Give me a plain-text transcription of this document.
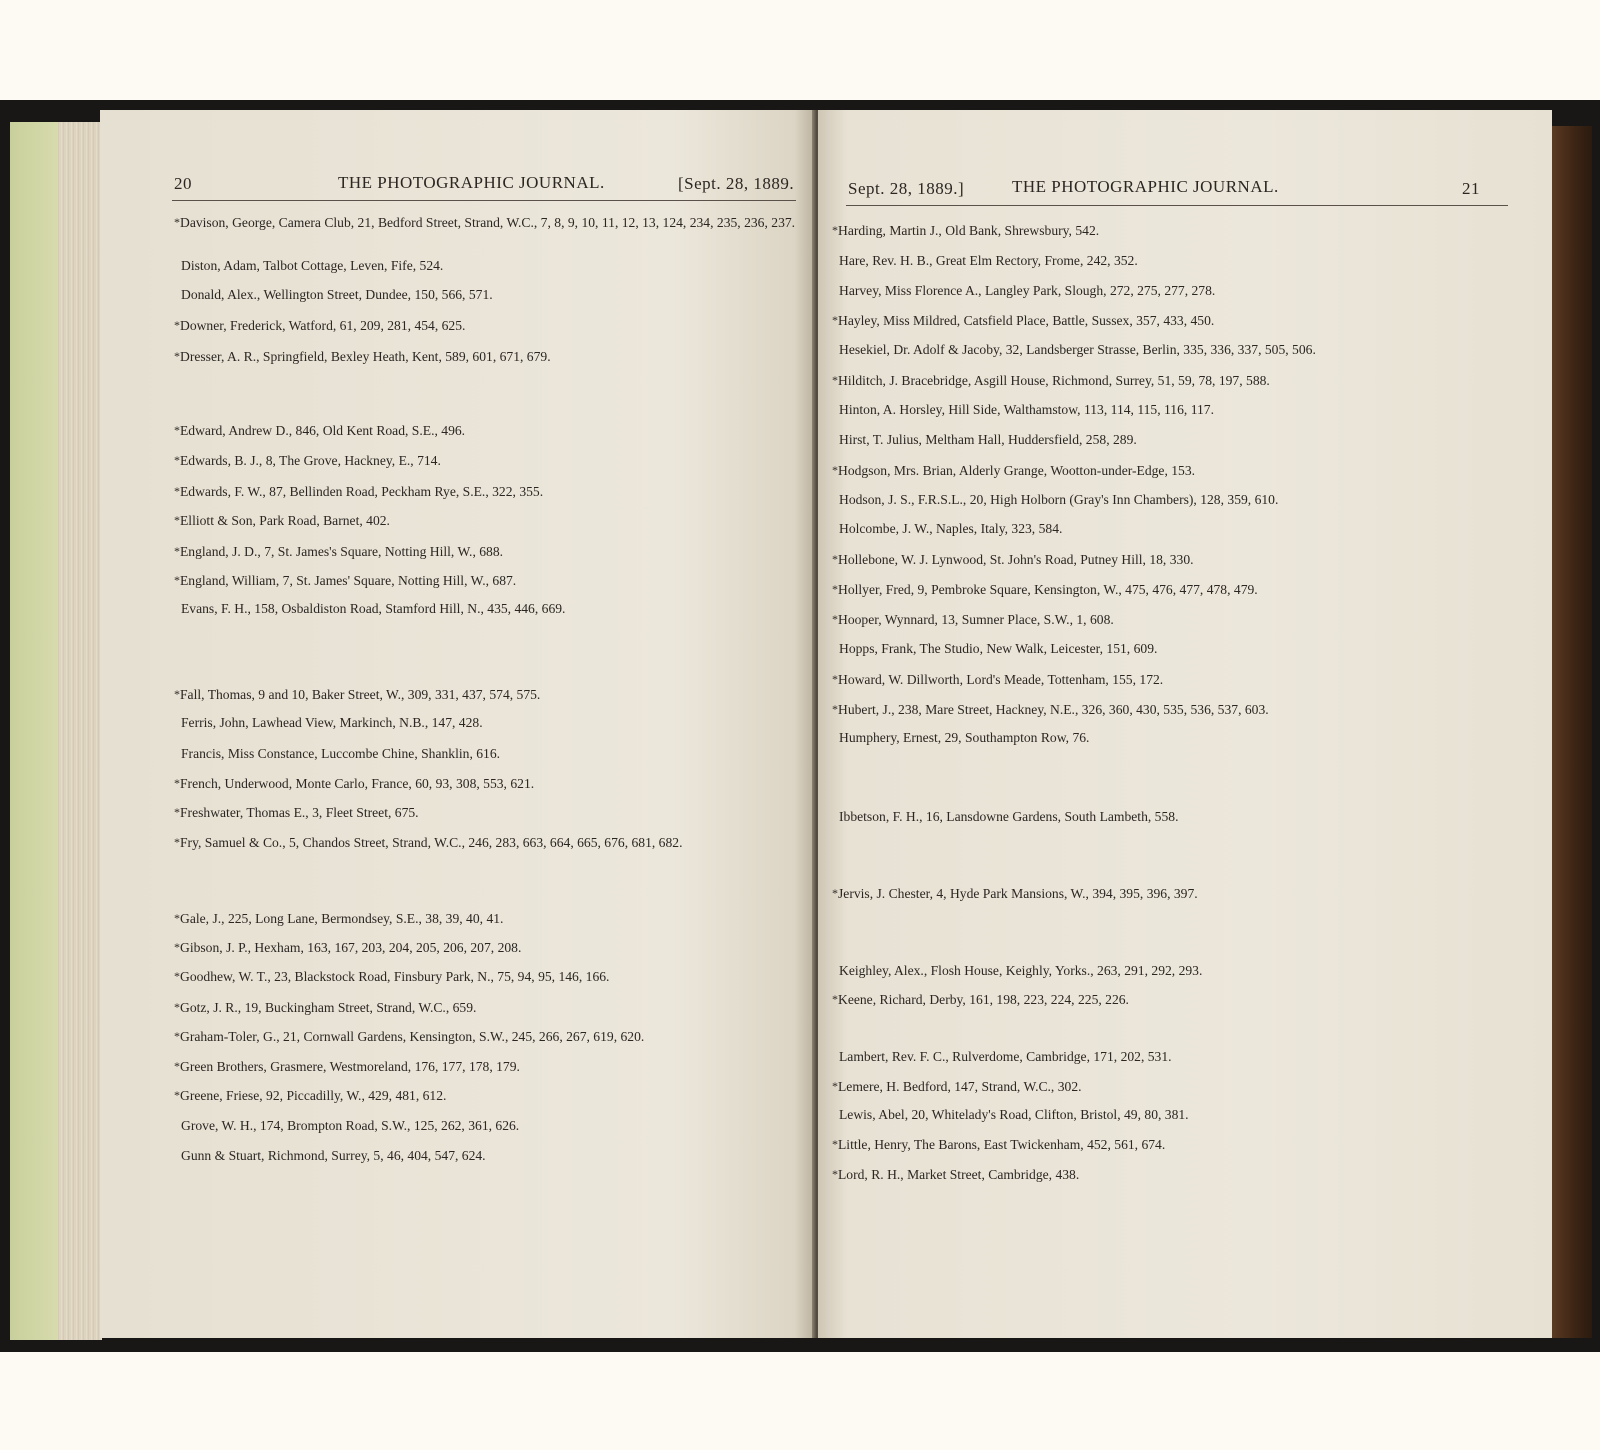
20	THE PHOTOGRAPHIC JOURNAL.	[Sept. 28, 1889.
*Davison, George, Camera Club, 21, Bedford Street, Strand, W.C., 7, 8, 9, 10, 11, 12, 13, 124, 234, 235, 236, 237.
Diston, Adam, Talbot Cottage, Leven, Fife, 524.
Donald, Alex., Wellington Street, Dundee, 150, 566, 571.
*Downer, Frederick, Watford, 61, 209, 281, 454, 625.
*Dresser, A. R., Springfield, Bexley Heath, Kent, 589, 601, 671, 679.
*Edward, Andrew D., 846, Old Kent Road, S.E., 496.
*Edwards, B. J., 8, The Grove, Hackney, E., 714.
*Edwards, F. W., 87, Bellinden Road, Peckham Rye, S.E., 322, 355.
*Elliott & Son, Park Road, Barnet, 402.
*England, J. D., 7, St. James's Square, Notting Hill, W., 688.
*England, William, 7, St. James' Square, Notting Hill, W., 687.
Evans, F. H., 158, Osbaldiston Road, Stamford Hill, N., 435, 446, 669.
*Fall, Thomas, 9 and 10, Baker Street, W., 309, 331, 437, 574, 575.
Ferris, John, Lawhead View, Markinch, N.B., 147, 428.
Francis, Miss Constance, Luccombe Chine, Shanklin, 616.
*French, Underwood, Monte Carlo, France, 60, 93, 308, 553, 621.
*Freshwater, Thomas E., 3, Fleet Street, 675.
*Fry, Samuel & Co., 5, Chandos Street, Strand, W.C., 246, 283, 663, 664, 665, 676, 681, 682.
*Gale, J., 225, Long Lane, Bermondsey, S.E., 38, 39, 40, 41.
*Gibson, J. P., Hexham, 163, 167, 203, 204, 205, 206, 207, 208.
*Goodhew, W. T., 23, Blackstock Road, Finsbury Park, N., 75, 94, 95, 146, 166.
*Gotz, J. R., 19, Buckingham Street, Strand, W.C., 659.
*Graham-Toler, G., 21, Cornwall Gardens, Kensington, S.W., 245, 266, 267, 619, 620.
*Green Brothers, Grasmere, Westmoreland, 176, 177, 178, 179.
*Greene, Friese, 92, Piccadilly, W., 429, 481, 612.
Grove, W. H., 174, Brompton Road, S.W., 125, 262, 361, 626.
Gunn & Stuart, Richmond, Surrey, 5, 46, 404, 547, 624.
Sept. 28, 1889.]	THE PHOTOGRAPHIC JOURNAL.	21
*Harding, Martin J., Old Bank, Shrewsbury, 542.
Hare, Rev. H. B., Great Elm Rectory, Frome, 242, 352.
Harvey, Miss Florence A., Langley Park, Slough, 272, 275, 277, 278.
*Hayley, Miss Mildred, Catsfield Place, Battle, Sussex, 357, 433, 450.
Hesekiel, Dr. Adolf & Jacoby, 32, Landsberger Strasse, Berlin, 335, 336, 337, 505, 506.
*Hilditch, J. Bracebridge, Asgill House, Richmond, Surrey, 51, 59, 78, 197, 588.
Hinton, A. Horsley, Hill Side, Walthamstow, 113, 114, 115, 116, 117.
Hirst, T. Julius, Meltham Hall, Huddersfield, 258, 289.
*Hodgson, Mrs. Brian, Alderly Grange, Wootton-under-Edge, 153.
Hodson, J. S., F.R.S.L., 20, High Holborn (Gray's Inn Chambers), 128, 359, 610.
Holcombe, J. W., Naples, Italy, 323, 584.
*Hollebone, W. J. Lynwood, St. John's Road, Putney Hill, 18, 330.
*Hollyer, Fred, 9, Pembroke Square, Kensington, W., 475, 476, 477, 478, 479.
*Hooper, Wynnard, 13, Sumner Place, S.W., 1, 608.
Hopps, Frank, The Studio, New Walk, Leicester, 151, 609.
*Howard, W. Dillworth, Lord's Meade, Tottenham, 155, 172.
*Hubert, J., 238, Mare Street, Hackney, N.E., 326, 360, 430, 535, 536, 537, 603.
Humphery, Ernest, 29, Southampton Row, 76.
Ibbetson, F. H., 16, Lansdowne Gardens, South Lambeth, 558.
*Jervis, J. Chester, 4, Hyde Park Mansions, W., 394, 395, 396, 397.
Keighley, Alex., Flosh House, Keighly, Yorks., 263, 291, 292, 293.
*Keene, Richard, Derby, 161, 198, 223, 224, 225, 226.
Lambert, Rev. F. C., Rulverdome, Cambridge, 171, 202, 531.
*Lemere, H. Bedford, 147, Strand, W.C., 302.
Lewis, Abel, 20, Whitelady's Road, Clifton, Bristol, 49, 80, 381.
*Little, Henry, The Barons, East Twickenham, 452, 561, 674.
*Lord, R. H., Market Street, Cambridge, 438.
